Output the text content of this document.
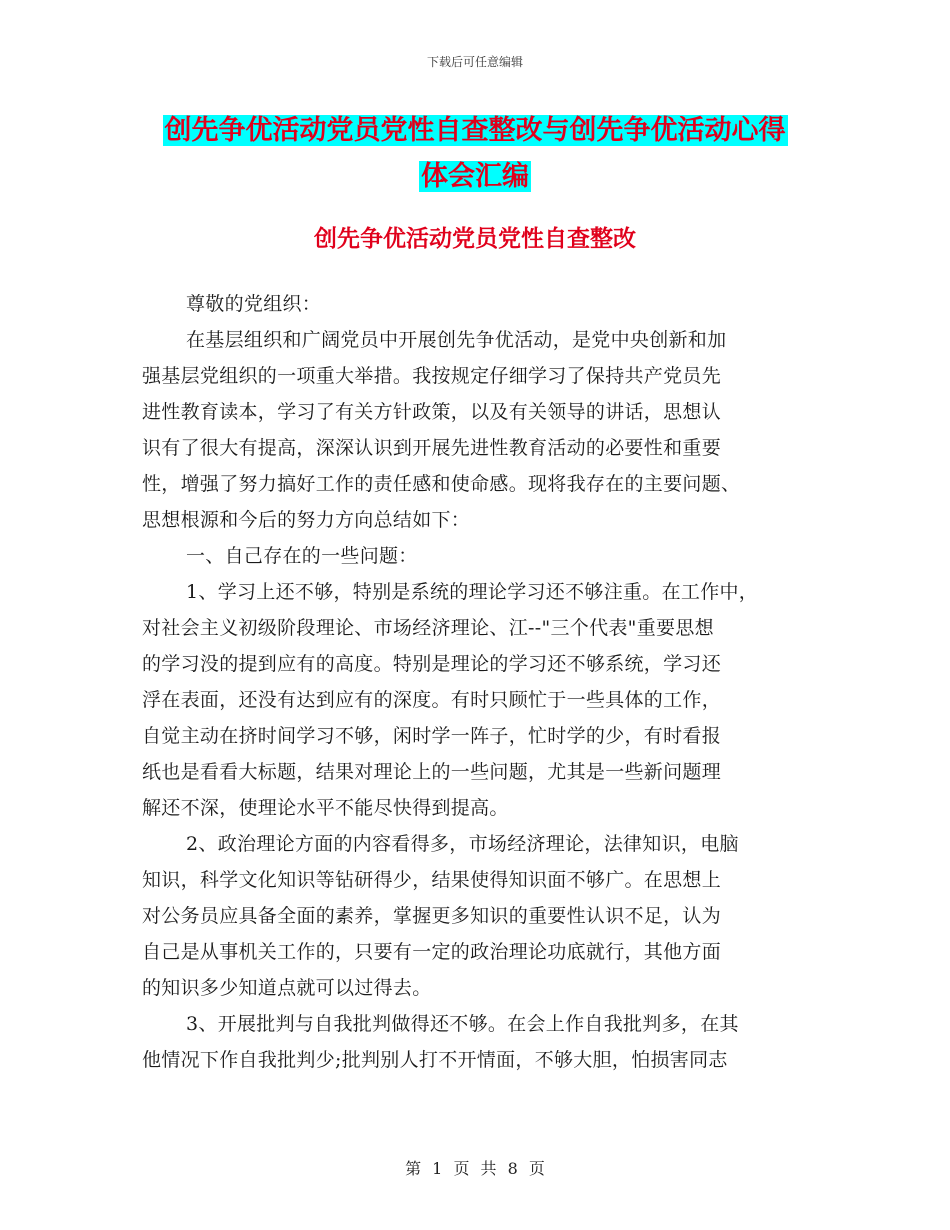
下载后可任意编辑
创先争优活动党员党性自查整改与创先争优活动心得
体会汇编
创先争优活动党员党性自查整改
尊敬的党组织：
在基层组织和广阔党员中开展创先争优活动，是党中央创新和加
强基层党组织的一项重大举措。我按规定仔细学习了保持共产党员先
进性教育读本，学习了有关方针政策，以及有关领导的讲话，思想认
识有了很大有提高，深深认识到开展先进性教育活动的必要性和重要
性，增强了努力搞好工作的责任感和使命感。现将我存在的主要问题、
思想根源和今后的努力方向总结如下：
一、自己存在的一些问题：
1、学习上还不够，特别是系统的理论学习还不够注重。在工作中，
对社会主义初级阶段理论、市场经济理论、江--"三个代表"重要思想
的学习没的提到应有的高度。特别是理论的学习还不够系统，学习还
浮在表面，还没有达到应有的深度。有时只顾忙于一些具体的工作，
自觉主动在挤时间学习不够，闲时学一阵子，忙时学的少，有时看报
纸也是看看大标题，结果对理论上的一些问题，尤其是一些新问题理
解还不深，使理论水平不能尽快得到提高。
2、政治理论方面的内容看得多，市场经济理论，法律知识，电脑
知识，科学文化知识等钻研得少，结果使得知识面不够广。在思想上
对公务员应具备全面的素养，掌握更多知识的重要性认识不足，认为
自己是从事机关工作的，只要有一定的政治理论功底就行，其他方面
的知识多少知道点就可以过得去。
3、开展批判与自我批判做得还不够。在会上作自我批判多，在其
他情况下作自我批判少;批判别人打不开情面，不够大胆，怕损害同志
第 1 页 共 8 页
